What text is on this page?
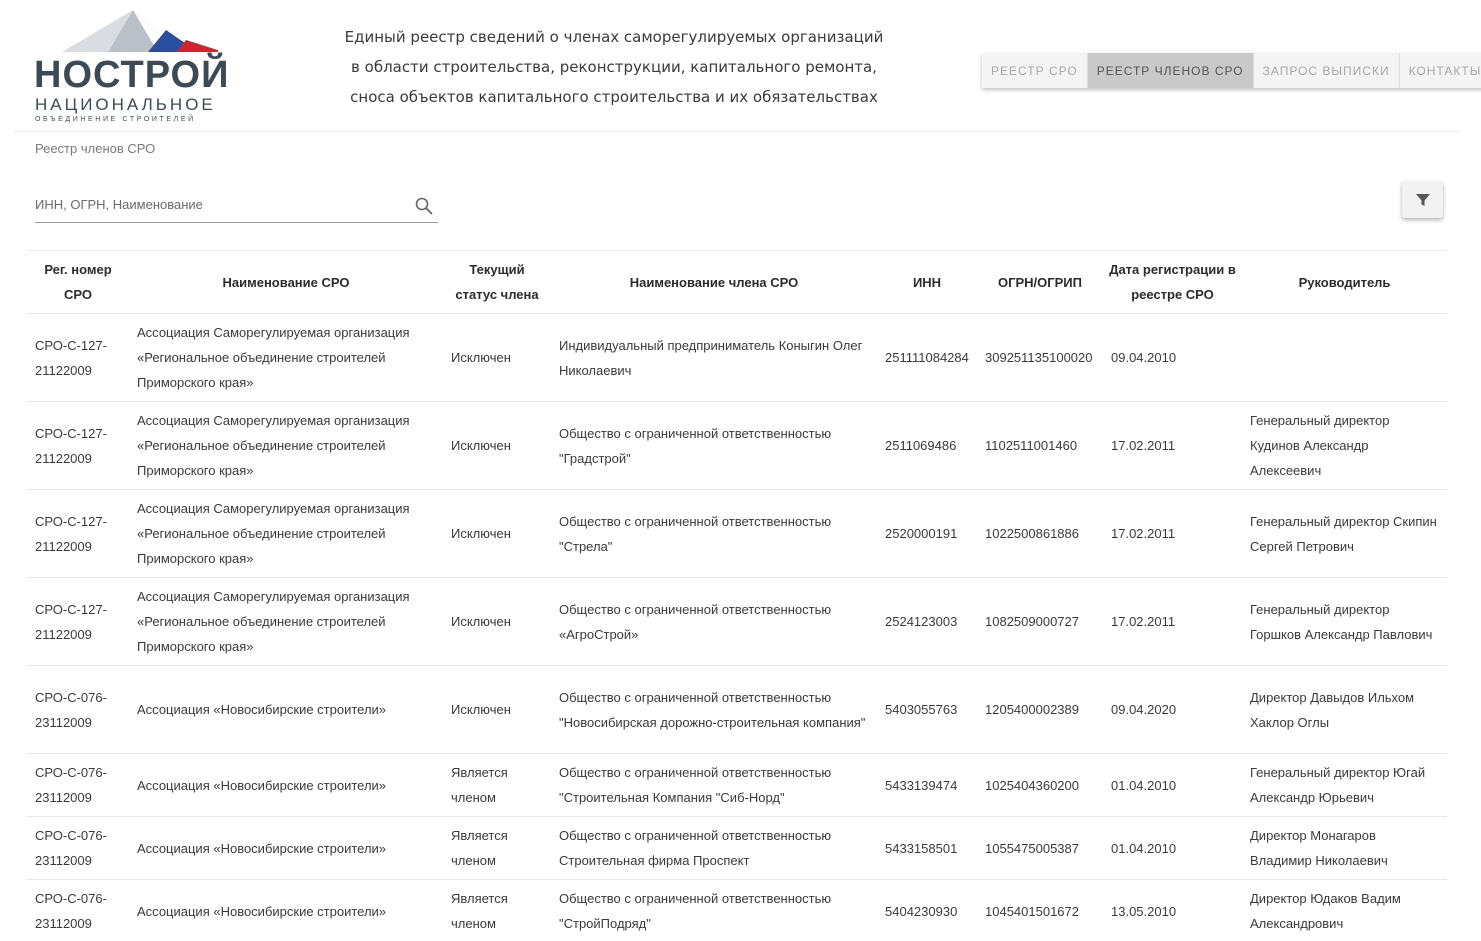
НОСТРОЙ
НАЦИОНАЛЬНОЕ
ОБЪЕДИНЕНИЕ СТРОИТЕЛЕЙ
Единый реестр сведений о членах саморегулируемых организаций
в области строительства, реконструкции, капитального ремонта,
сноса объектов капитального строительства и их обязательствах
РЕЕСТР СРО	РЕЕСТР ЧЛЕНОВ СРО	ЗАПРОС ВЫПИСКИ	КОНТАКТЫ
Реестр членов СРО
ИНН, ОГРН, Наименование
Рег. номер СРО	Наименование СРО	Текущий статус члена	Наименование члена СРО	ИНН	ОГРН/ОГРИП	Дата регистрации в реестре СРО	Руководитель
СРО-С-127-21122009	Ассоциация Саморегулируемая организация «Региональное объединение строителей Приморского края»	Исключен	Индивидуальный предприниматель Коныгин Олег Николаевич	251111084284	309251135100020	09.04.2010	
СРО-С-127-21122009	Ассоциация Саморегулируемая организация «Региональное объединение строителей Приморского края»	Исключен	Общество с ограниченной ответственностью "Градстрой"	2511069486	1102511001460	17.02.2011	Генеральный директор Кудинов Александр Алексеевич
СРО-С-127-21122009	Ассоциация Саморегулируемая организация «Региональное объединение строителей Приморского края»	Исключен	Общество с ограниченной ответственностью "Стрела"	2520000191	1022500861886	17.02.2011	Генеральный директор Скипин Сергей Петрович
СРО-С-127-21122009	Ассоциация Саморегулируемая организация «Региональное объединение строителей Приморского края»	Исключен	Общество с ограниченной ответственностью «АгроСтрой»	2524123003	1082509000727	17.02.2011	Генеральный директор Горшков Александр Павлович
СРО-С-076-23112009	Ассоциация «Новосибирские строители»	Исключен	Общество с ограниченной ответственностью "Новосибирская дорожно-строительная компания"	5403055763	1205400002389	09.04.2020	Директор Давыдов Ильхом Хаклор Оглы
СРО-С-076-23112009	Ассоциация «Новосибирские строители»	Является членом	Общество с ограниченной ответственностью "Строительная Компания "Сиб-Норд"	5433139474	1025404360200	01.04.2010	Генеральный директор Югай Александр Юрьевич
СРО-С-076-23112009	Ассоциация «Новосибирские строители»	Является членом	Общество с ограниченной ответственностью Строительная фирма Проспект	5433158501	1055475005387	01.04.2010	Директор Монагаров Владимир Николаевич
СРО-С-076-23112009	Ассоциация «Новосибирские строители»	Является членом	Общество с ограниченной ответственностью "СтройПодряд"	5404230930	1045401501672	13.05.2010	Директор Юдаков Вадим Александрович
